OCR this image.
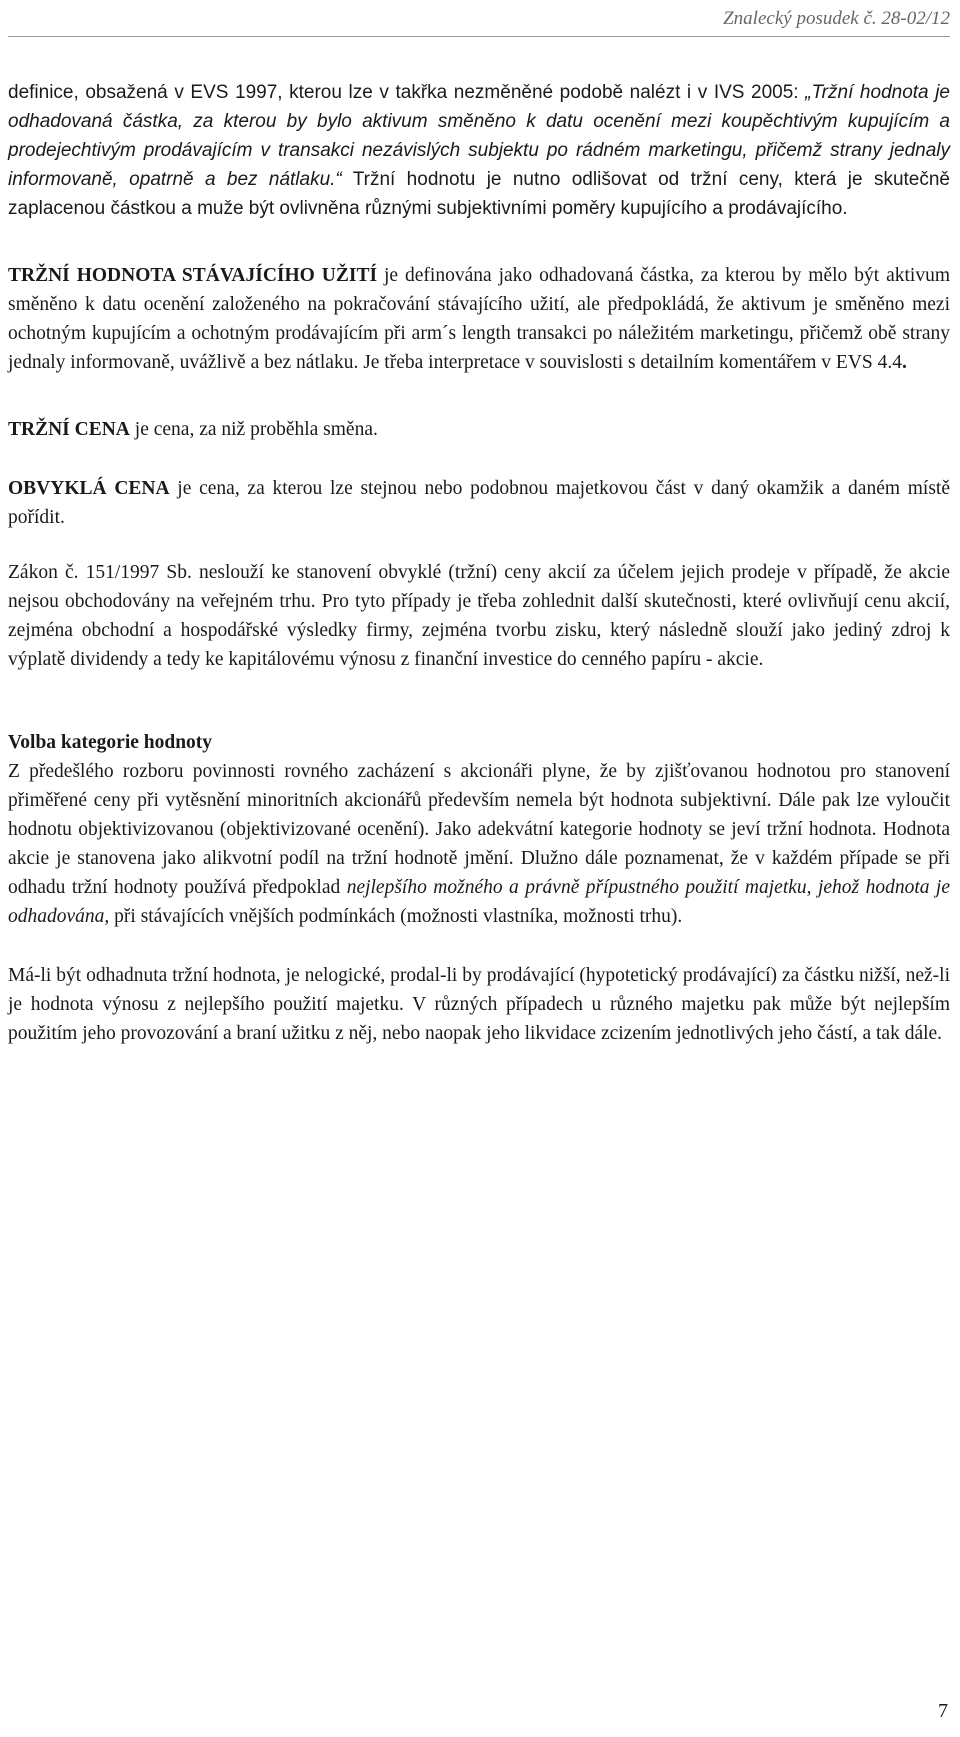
Znalecký posudek č. 28-02/12

definice, obsažená v EVS 1997, kterou lze v takřka nezměněné podobě nalézt i v IVS 2005: „Tržní hodnota je odhadovaná částka, za kterou by bylo aktivum směněno k datu ocenění mezi koupěchtivým kupujícím a prodejechtivým prodávajícím v transakci nezávislých subjektu po rádném marketingu, přičemž strany jednaly informovaně, opatrně a bez nátlaku.“ Tržní hodnotu je nutno odlišovat od tržní ceny, která je skutečně zaplacenou částkou a muže být ovlivněna různými subjektivními poměry kupujícího a prodávajícího.

TRŽNÍ HODNOTA STÁVAJÍCÍHO UŽITÍ je definována jako odhadovaná částka, za kterou by mělo být aktivum směněno k datu ocenění založeného na pokračování stávajícího užití, ale předpokládá, že aktivum je směněno mezi ochotným kupujícím a ochotným prodávajícím při arm´s length transakci po náležitém marketingu, přičemž obě strany jednaly informovaně, uvážlivě a bez nátlaku. Je třeba interpretace v souvislosti s detailním komentářem v EVS 4.4.

TRŽNÍ CENA je cena, za niž proběhla směna.

OBVYKLÁ CENA je cena, za kterou lze stejnou nebo podobnou majetkovou část v daný okamžik a daném místě pořídit.

Zákon č. 151/1997 Sb. neslouží ke stanovení obvyklé (tržní) ceny akcií za účelem jejich prodeje v případě, že akcie nejsou obchodovány na veřejném trhu. Pro tyto případy je třeba zohlednit další skutečnosti, které ovlivňují cenu akcií, zejména obchodní a hospodářské výsledky firmy, zejména tvorbu zisku, který následně slouží jako jediný zdroj k výplatě dividendy a tedy ke kapitálovému výnosu z finanční investice do cenného papíru - akcie.

Volba kategorie hodnoty

Z předešlého rozboru povinnosti rovného zacházení s akcionáři plyne, že by zjišťovanou hodnotou pro stanovení přiměřené ceny při vytěsnění minoritních akcionářů především nemela být hodnota subjektivní. Dále pak lze vyloučit hodnotu objektivizovanou (objektivizované ocenění). Jako adekvátní kategorie hodnoty se jeví tržní hodnota. Hodnota akcie je stanovena jako alikvotní podíl na tržní hodnotě jmění. Dlužno dále poznamenat, že v každém případe se při odhadu tržní hodnoty používá předpoklad nejlepšího možného a právně přípustného použití majetku, jehož hodnota je odhadována, při stávajících vnějších podmínkách (možnosti vlastníka, možnosti trhu).

Má-li být odhadnuta tržní hodnota, je nelogické, prodal-li by prodávající (hypotetický prodávající) za částku nižší, než-li je hodnota výnosu z nejlepšího použití majetku. V různých případech u různého majetku pak může být nejlepším použitím jeho provozování a braní užitku z něj, nebo naopak jeho likvidace zcizením jednotlivých jeho částí, a tak dále.

7
